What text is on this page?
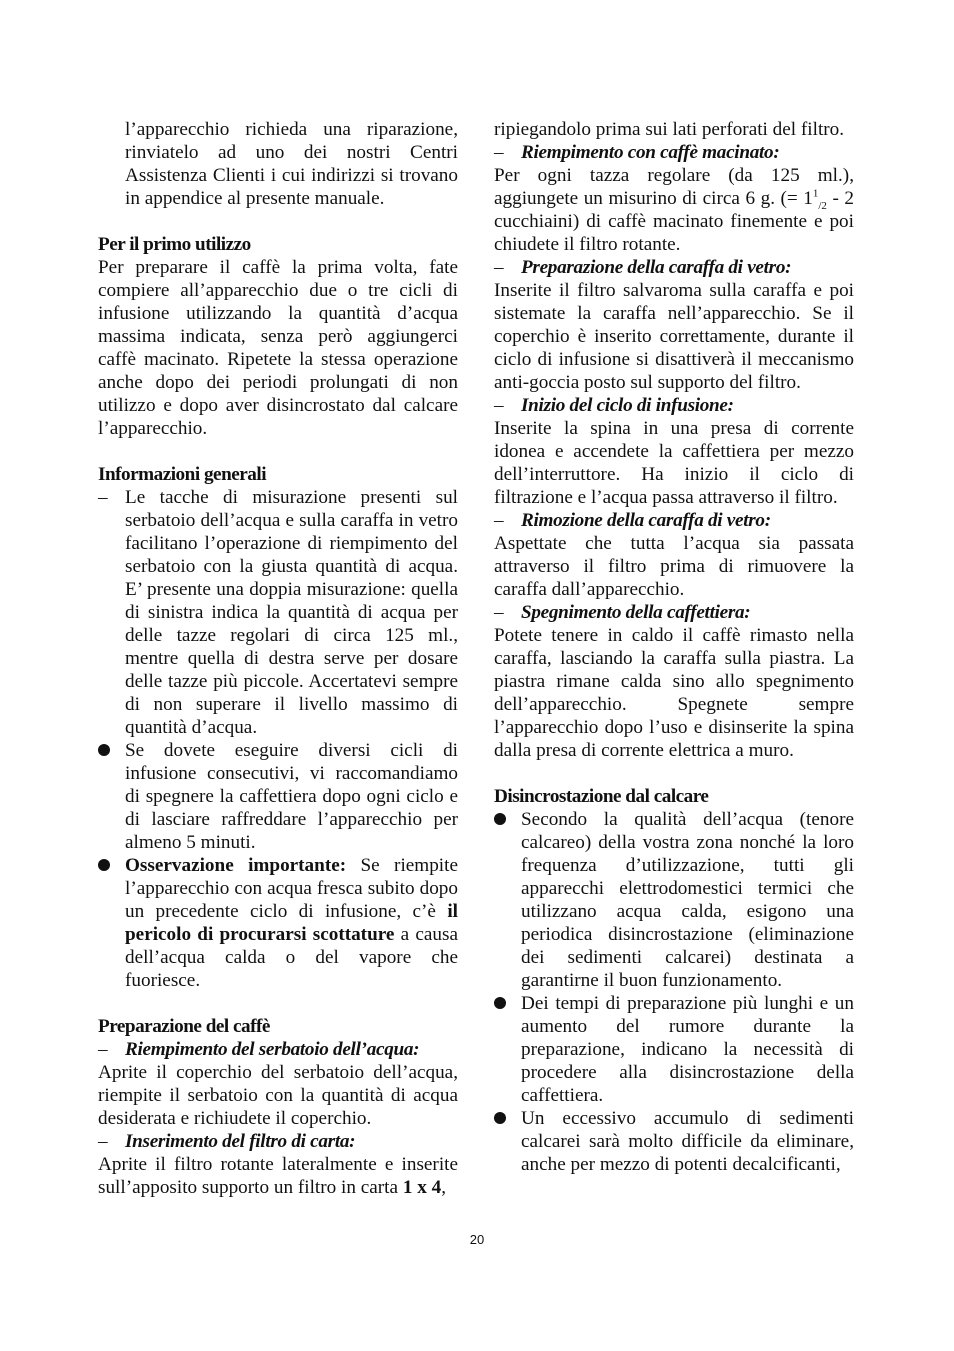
l’apparecchio richieda una riparazione, rinviatelo ad uno dei nostri Centri Assistenza Clienti i cui indirizzi si trovano in appendice al presente manuale.

Per il primo utilizzo

Per preparare il caffè la prima volta, fate compiere all’apparecchio due o tre cicli di infusione utilizzando la quantità d’acqua massima indicata, senza però aggiungerci caffè macinato. Ripetete la stessa operazione anche dopo dei periodi prolungati di non utilizzo e dopo aver disincrostato dal calcare l’apparecchio.

Informazioni generali

– Le tacche di misurazione presenti sul serbatoio dell’acqua e sulla caraffa in vetro facilitano l’operazione di riempimento del serbatoio con la giusta quantità di acqua. E’ presente una doppia misurazione: quella di sinistra indica la quantità di acqua per delle tazze regolari di circa 125 ml., mentre quella di destra serve per dosare delle tazze più piccole. Accertatevi sempre di non superare il livello massimo di quantità d’acqua.
Se dovete eseguire diversi cicli di infusione consecutivi, vi raccomandiamo di spegnere la caffettiera dopo ogni ciclo e di lasciare raffreddare l’apparecchio per almeno 5 minuti.
Osservazione importante: Se riempite l’apparecchio con acqua fresca subito dopo un precedente ciclo di infusione, c’è il pericolo di procurarsi scottature a causa dell’acqua calda o del vapore che fuoriesce.

Preparazione del caffè

– Riempimento del serbatoio dell’acqua:

Aprite il coperchio del serbatoio dell’acqua, riempite il serbatoio con la quantità di acqua desiderata e richiudete il coperchio.

– Inserimento del filtro di carta:

Aprite il filtro rotante lateralmente e inserite sull’apposito supporto un filtro in carta 1 x 4,

ripiegandolo prima sui lati perforati del filtro.

– Riempimento con caffè macinato:

Per ogni tazza regolare (da 125 ml.), aggiungete un misurino di circa 6 g. (= $1^1_{/2} - 2$ cucchiaini) di caffè macinato finemente e poi chiudete il filtro rotante.

– Preparazione della caraffa di vetro:

Inserite il filtro salvaroma sulla caraffa e poi sistemate la caraffa nell’apparecchio. Se il coperchio è inserito correttamente, durante il ciclo di infusione si disattiverà il meccanismo anti-goccia posto sul supporto del filtro.

– Inizio del ciclo di infusione:

Inserite la spina in una presa di corrente idonea e accendete la caffettiera per mezzo dell’interruttore. Ha inizio il ciclo di filtrazione e l’acqua passa attraverso il filtro.

– Rimozione della caraffa di vetro:

Aspettate che tutta l’acqua sia passata attraverso il filtro prima di rimuovere la caraffa dall’apparecchio.

– Spegnimento della caffettiera:

Potete tenere in caldo il caffè rimasto nella caraffa, lasciando la caraffa sulla piastra. La piastra rimane calda sino allo spegnimento dell’apparecchio. Spegnete sempre l’apparecchio dopo l’uso e disinserite la spina dalla presa di corrente elettrica a muro.

Disincrostazione dal calcare

Secondo la qualità dell’acqua (tenore calcareo) della vostra zona nonché la loro frequenza d’utilizzazione, tutti gli apparecchi elettrodomestici termici che utilizzano acqua calda, esigono una periodica disincrostazione (eliminazione dei sedimenti calcarei) destinata a garantirne il buon funzionamento.
Dei tempi di preparazione più lunghi e un aumento del rumore durante la preparazione, indicano la necessità di procedere alla disincrostazione della caffettiera.
Un eccessivo accumulo di sedimenti calcarei sarà molto difficile da eliminare, anche per mezzo di potenti decalcificanti,
20
